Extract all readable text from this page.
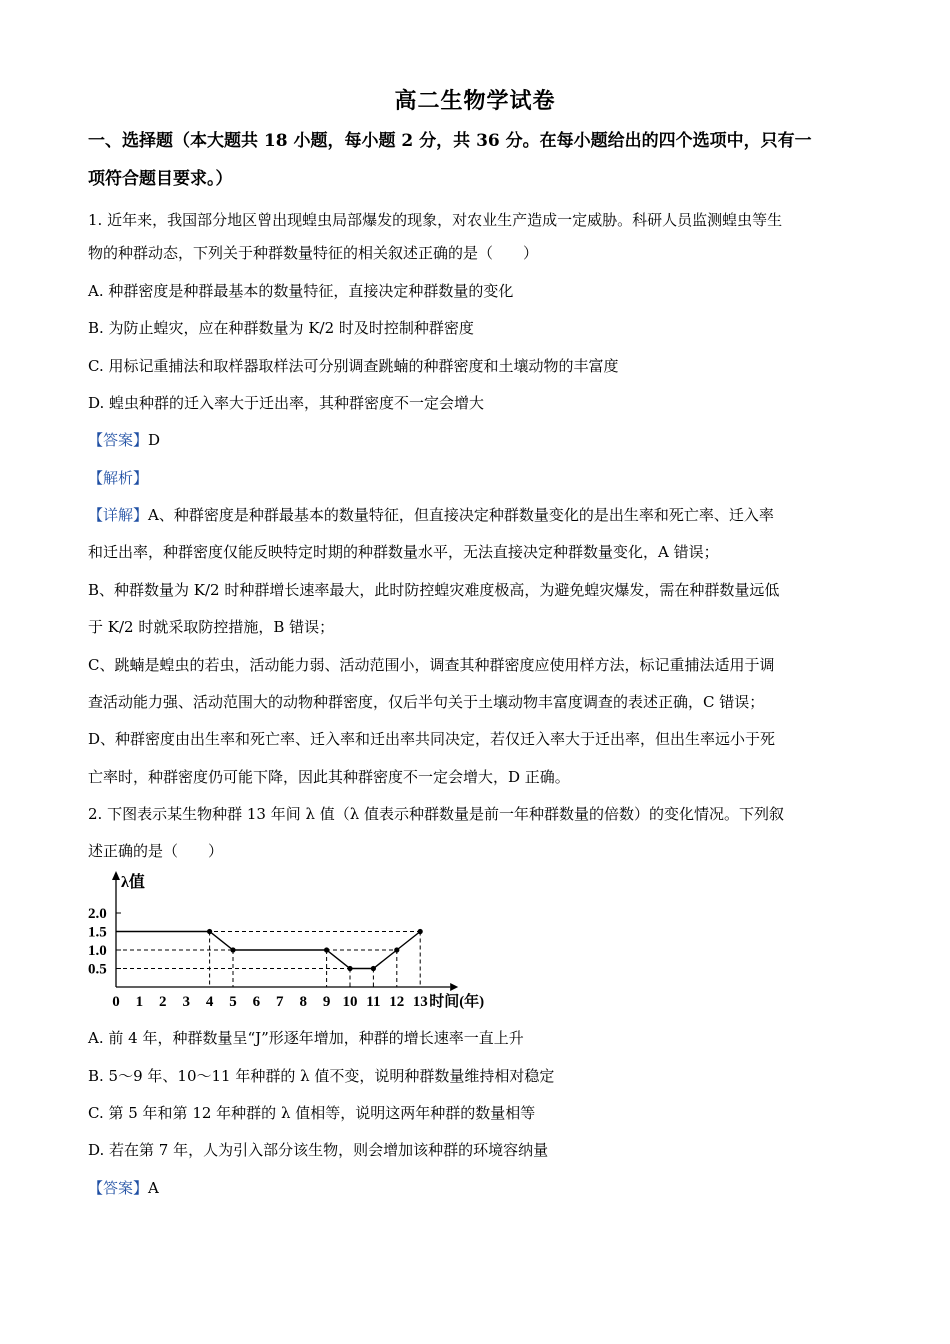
高二生物学试卷
一、选择题（本大题共 18 小题，每小题 2 分，共 36 分。在每小题给出的四个选项中，只有一
项符合题目要求。）
1. 近年来，我国部分地区曾出现蝗虫局部爆发的现象，对农业生产造成一定威胁。科研人员监测蝗虫等生
物的种群动态，下列关于种群数量特征的相关叙述正确的是（　　）
A. 种群密度是种群最基本的数量特征，直接决定种群数量的变化
B. 为防止蝗灾，应在种群数量为 K/2 时及时控制种群密度
C. 用标记重捕法和取样器取样法可分别调查跳蝻的种群密度和土壤动物的丰富度
D. 蝗虫种群的迁入率大于迁出率，其种群密度不一定会增大
【答案】D
【解析】
【详解】A、种群密度是种群最基本的数量特征，但直接决定种群数量变化的是出生率和死亡率、迁入率
和迁出率，种群密度仅能反映特定时期的种群数量水平，无法直接决定种群数量变化，A 错误；
B、种群数量为 K/2 时种群增长速率最大，此时防控蝗灾难度极高，为避免蝗灾爆发，需在种群数量远低
于 K/2 时就采取防控措施，B 错误；
C、跳蝻是蝗虫的若虫，活动能力弱、活动范围小，调查其种群密度应使用样方法，标记重捕法适用于调
查活动能力强、活动范围大的动物种群密度，仅后半句关于土壤动物丰富度调查的表述正确，C 错误；
D、种群密度由出生率和死亡率、迁入率和迁出率共同决定，若仅迁入率大于迁出率，但出生率远小于死
亡率时，种群密度仍可能下降，因此其种群密度不一定会增大，D 正确。
2. 下图表示某生物种群 13 年间 λ 值（λ 值表示种群数量是前一年种群数量的倍数）的变化情况。下列叙
述正确的是（　　）
λ值
时间(年)
2.0
1.5
1.0
0.5
0 1 2 3 4 5 6 7 8 9 10 11 12 13
A. 前 4 年，种群数量呈“J”形逐年增加，种群的增长速率一直上升
B. 5～9 年、10～11 年种群的 λ 值不变，说明种群数量维持相对稳定
C. 第 5 年和第 12 年种群的 λ 值相等，说明这两年种群的数量相等
D. 若在第 7 年，人为引入部分该生物，则会增加该种群的环境容纳量
【答案】A
